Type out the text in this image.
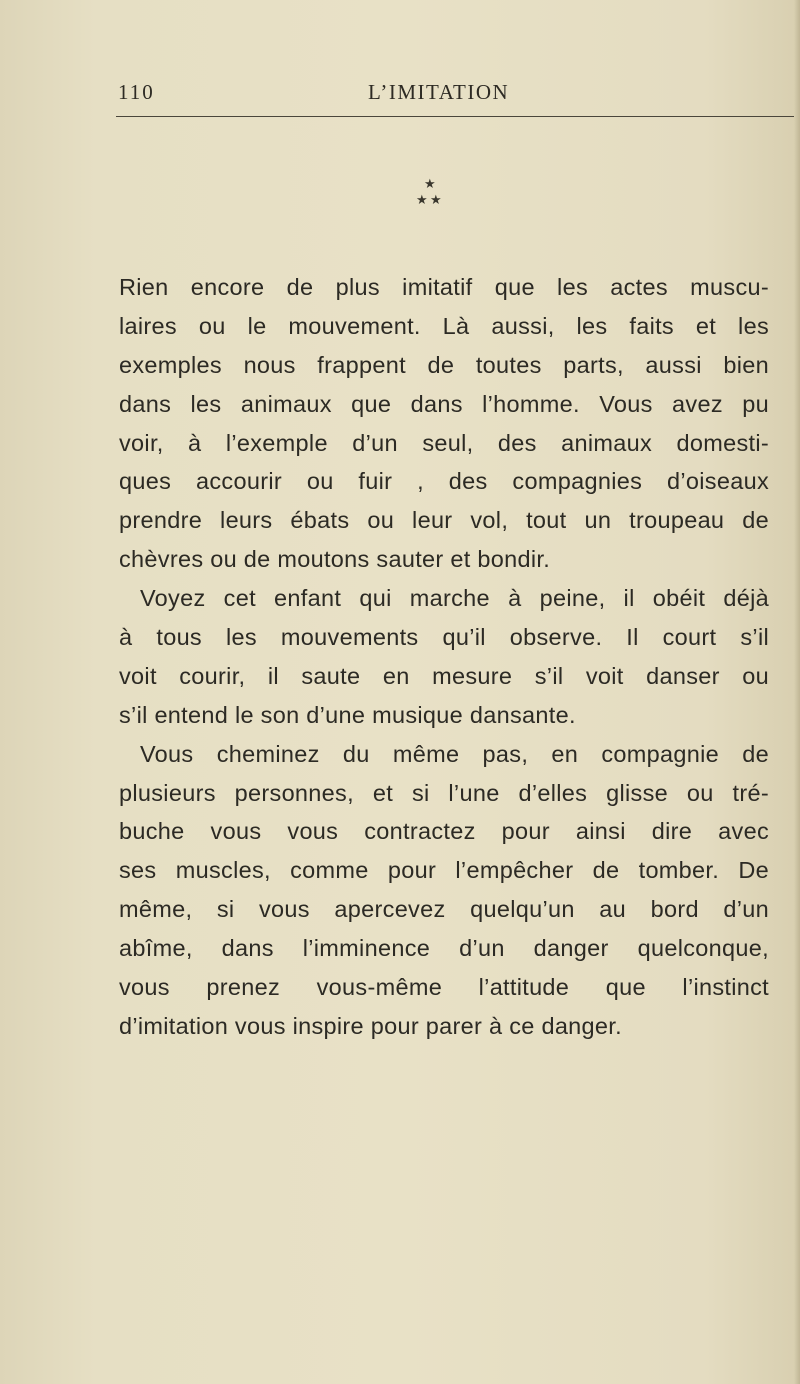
110	L’IMITATION
★
★ ★
Rien encore de plus imitatif que les actes muscu-
laires ou le mouvement. Là aussi, les faits et les
exemples nous frappent de toutes parts, aussi bien
dans les animaux que dans l’homme. Vous avez pu
voir, à l’exemple d’un seul, des animaux domesti-
ques accourir ou fuir , des compagnies d’oiseaux
prendre leurs ébats ou leur vol, tout un troupeau de
chèvres ou de moutons sauter et bondir.
Voyez cet enfant qui marche à peine, il obéit déjà
à tous les mouvements qu’il observe. Il court s’il
voit courir, il saute en mesure s’il voit danser ou
s’il entend le son d’une musique dansante.
Vous cheminez du même pas, en compagnie de
plusieurs personnes, et si l’une d’elles glisse ou tré-
buche vous vous contractez pour ainsi dire avec
ses muscles, comme pour l’empêcher de tomber. De
même, si vous apercevez quelqu’un au bord d’un
abîme, dans l’imminence d’un danger quelconque,
vous prenez vous-même l’attitude que l’instinct
d’imitation vous inspire pour parer à ce danger.
